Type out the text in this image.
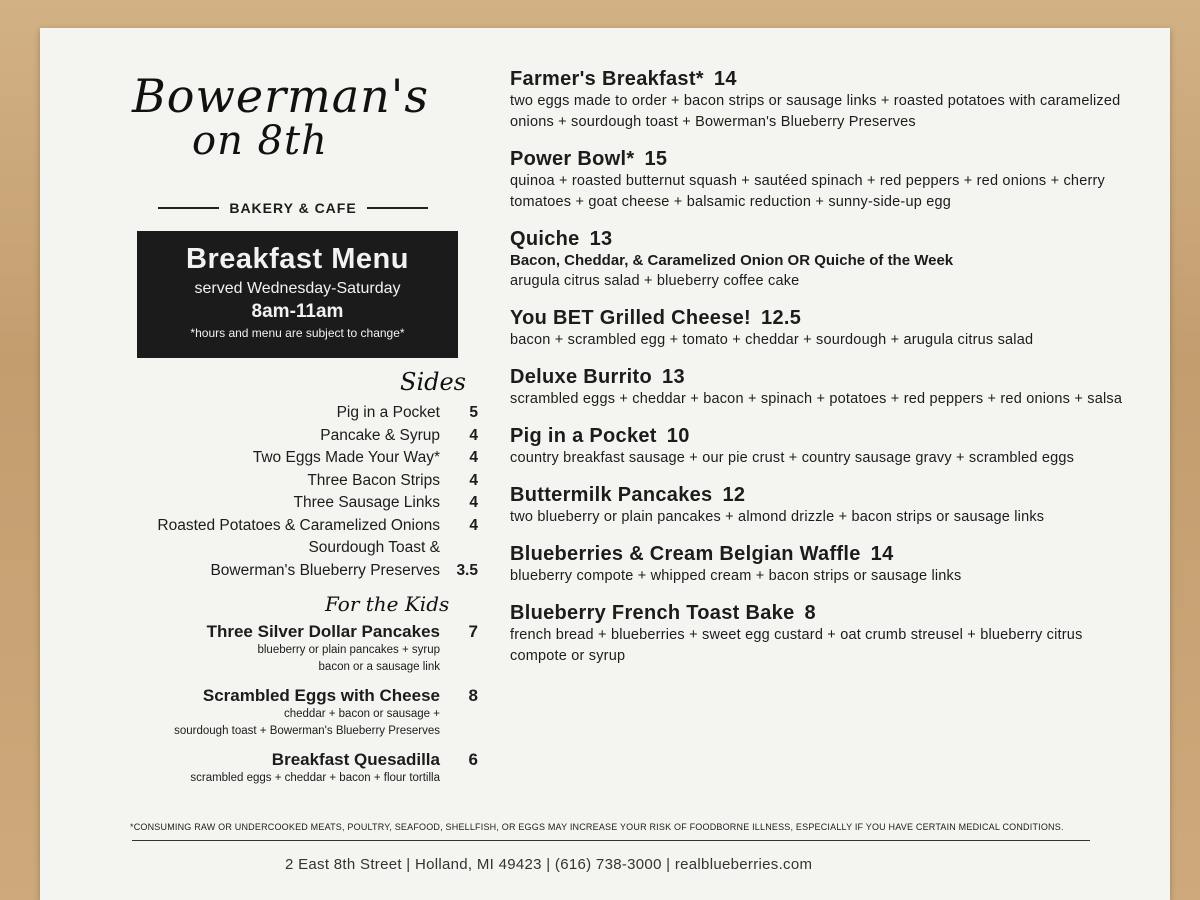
Bowerman's
on 8th
BAKERY & CAFE
Breakfast Menu
served Wednesday-Saturday
8am-11am
*hours and menu are subject to change*
Sides
Pig in a Pocket	5
Pancake & Syrup	4
Two Eggs Made Your Way*	4
Three Bacon Strips	4
Three Sausage Links	4
Roasted Potatoes & Caramelized Onions	4
Sourdough Toast &
Bowerman's Blueberry Preserves	3.5
For the Kids
Three Silver Dollar Pancakes	7
blueberry or plain pancakes + syrup
bacon or a sausage link
Scrambled Eggs with Cheese	8
cheddar + bacon or sausage +
sourdough toast + Bowerman's Blueberry Preserves
Breakfast Quesadilla	6
scrambled eggs + cheddar + bacon + flour tortilla
Farmer's Breakfast* 14
two eggs made to order + bacon strips or sausage links + roasted potatoes with caramelized onions + sourdough toast + Bowerman's Blueberry Preserves
Power Bowl* 15
quinoa + roasted butternut squash + sautéed spinach + red peppers + red onions + cherry tomatoes + goat cheese + balsamic reduction + sunny-side-up egg
Quiche 13
Bacon, Cheddar, & Caramelized Onion OR Quiche of the Week
arugula citrus salad + blueberry coffee cake
You BET Grilled Cheese! 12.5
bacon + scrambled egg + tomato + cheddar + sourdough + arugula citrus salad
Deluxe Burrito 13
scrambled eggs + cheddar + bacon + spinach + potatoes + red peppers + red onions + salsa
Pig in a Pocket 10
country breakfast sausage + our pie crust + country sausage gravy + scrambled eggs
Buttermilk Pancakes 12
two blueberry or plain pancakes + almond drizzle + bacon strips or sausage links
Blueberries & Cream Belgian Waffle 14
blueberry compote + whipped cream + bacon strips or sausage links
Blueberry French Toast Bake 8
french bread + blueberries + sweet egg custard + oat crumb streusel + blueberry citrus compote or syrup
*CONSUMING RAW OR UNDERCOOKED MEATS, POULTRY, SEAFOOD, SHELLFISH, OR EGGS MAY INCREASE YOUR RISK OF FOODBORNE ILLNESS, ESPECIALLY IF YOU HAVE CERTAIN MEDICAL CONDITIONS.
2 East 8th Street | Holland, MI 49423 | (616) 738-3000 | realblueberries.com
